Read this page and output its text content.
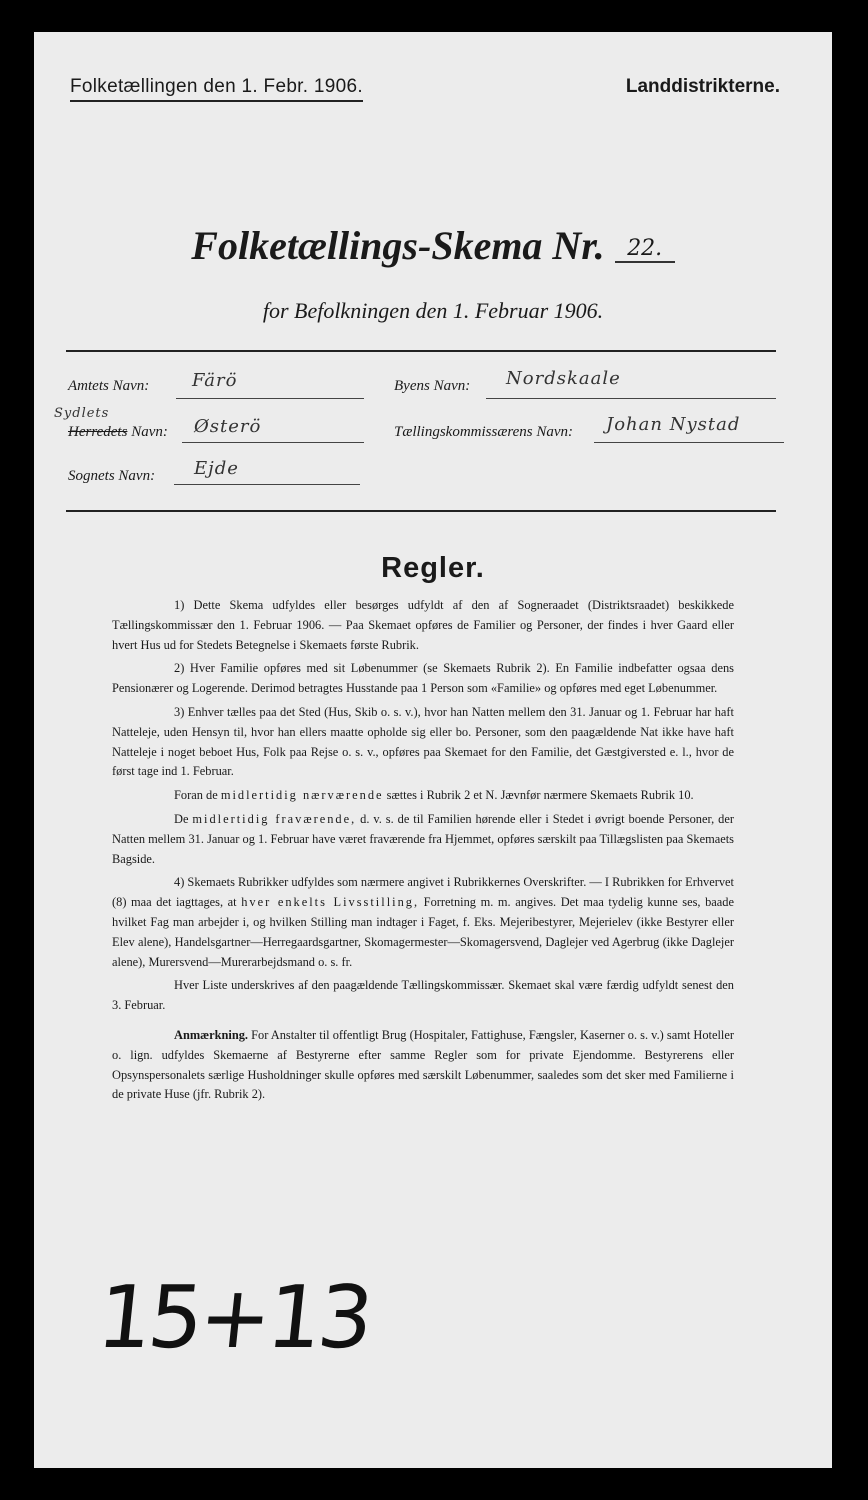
Folketællingen den 1. Febr. 1906.	Landdistrikterne.
Folketællings-Skema Nr. 22.
for Befolkningen den 1. Februar 1906.
Amtets Navn: Färö	Byens Navn: Nordskaale
Sydlets
Herredets Navn: Østerö	Tællingskommissærens Navn: Johan Nystad
Sognets Navn: Ejde
Regler.

1) Dette Skema udfyldes eller besørges udfyldt af den af Sogneraadet (Distriktsraadet) beskikkede Tællingskommissær den 1. Februar 1906. — Paa Skemaet opføres de Familier og Personer, der findes i hver Gaard eller hvert Hus ud for Stedets Betegnelse i Skemaets første Rubrik.

2) Hver Familie opføres med sit Løbenummer (se Skemaets Rubrik 2). En Familie indbefatter ogsaa dens Pensionærer og Logerende. Derimod betragtes Husstande paa 1 Person som «Familie» og opføres med eget Løbenummer.

3) Enhver tælles paa det Sted (Hus, Skib o. s. v.), hvor han Natten mellem den 31. Januar og 1. Februar har haft Natteleje, uden Hensyn til, hvor han ellers maatte opholde sig eller bo. Personer, som den paagældende Nat ikke have haft Natteleje i noget beboet Hus, Folk paa Rejse o. s. v., opføres paa Skemaet for den Familie, det Gæstgiversted e. l., hvor de først tage ind 1. Februar.

Foran de midlertidig nærværende sættes i Rubrik 2 et N. Jævnfør nærmere Skemaets Rubrik 10.

De midlertidig fraværende, d. v. s. de til Familien hørende eller i Stedet i øvrigt boende Personer, der Natten mellem 31. Januar og 1. Februar have været fraværende fra Hjemmet, opføres særskilt paa Tillægslisten paa Skemaets Bagside.

4) Skemaets Rubrikker udfyldes som nærmere angivet i Rubrikkernes Overskrifter. — I Rubrikken for Erhvervet (8) maa det iagttages, at hver enkelts Livsstilling, Forretning m. m. angives. Det maa tydelig kunne ses, baade hvilket Fag man arbejder i, og hvilken Stilling man indtager i Faget, f. Eks. Mejeribestyrer, Mejerielev (ikke Bestyrer eller Elev alene), Handelsgartner—Herregaardsgartner, Skomagermester—Skomagersvend, Daglejer ved Agerbrug (ikke Daglejer alene), Murersvend—Murerarbejdsmand o. s. fr.

Hver Liste underskrives af den paagældende Tællingskommissær. Skemaet skal være færdig udfyldt senest den 3. Februar.

Anmærkning. For Anstalter til offentligt Brug (Hospitaler, Fattighuse, Fængsler, Kaserner o. s. v.) samt Hoteller o. lign. udfyldes Skemaerne af Bestyrerne efter samme Regler som for private Ejendomme. Bestyrerens eller Opsynspersonalets særlige Husholdninger skulle opføres med særskilt Løbenummer, saaledes som det sker med Familierne i de private Huse (jfr. Rubrik 2).

15+13
